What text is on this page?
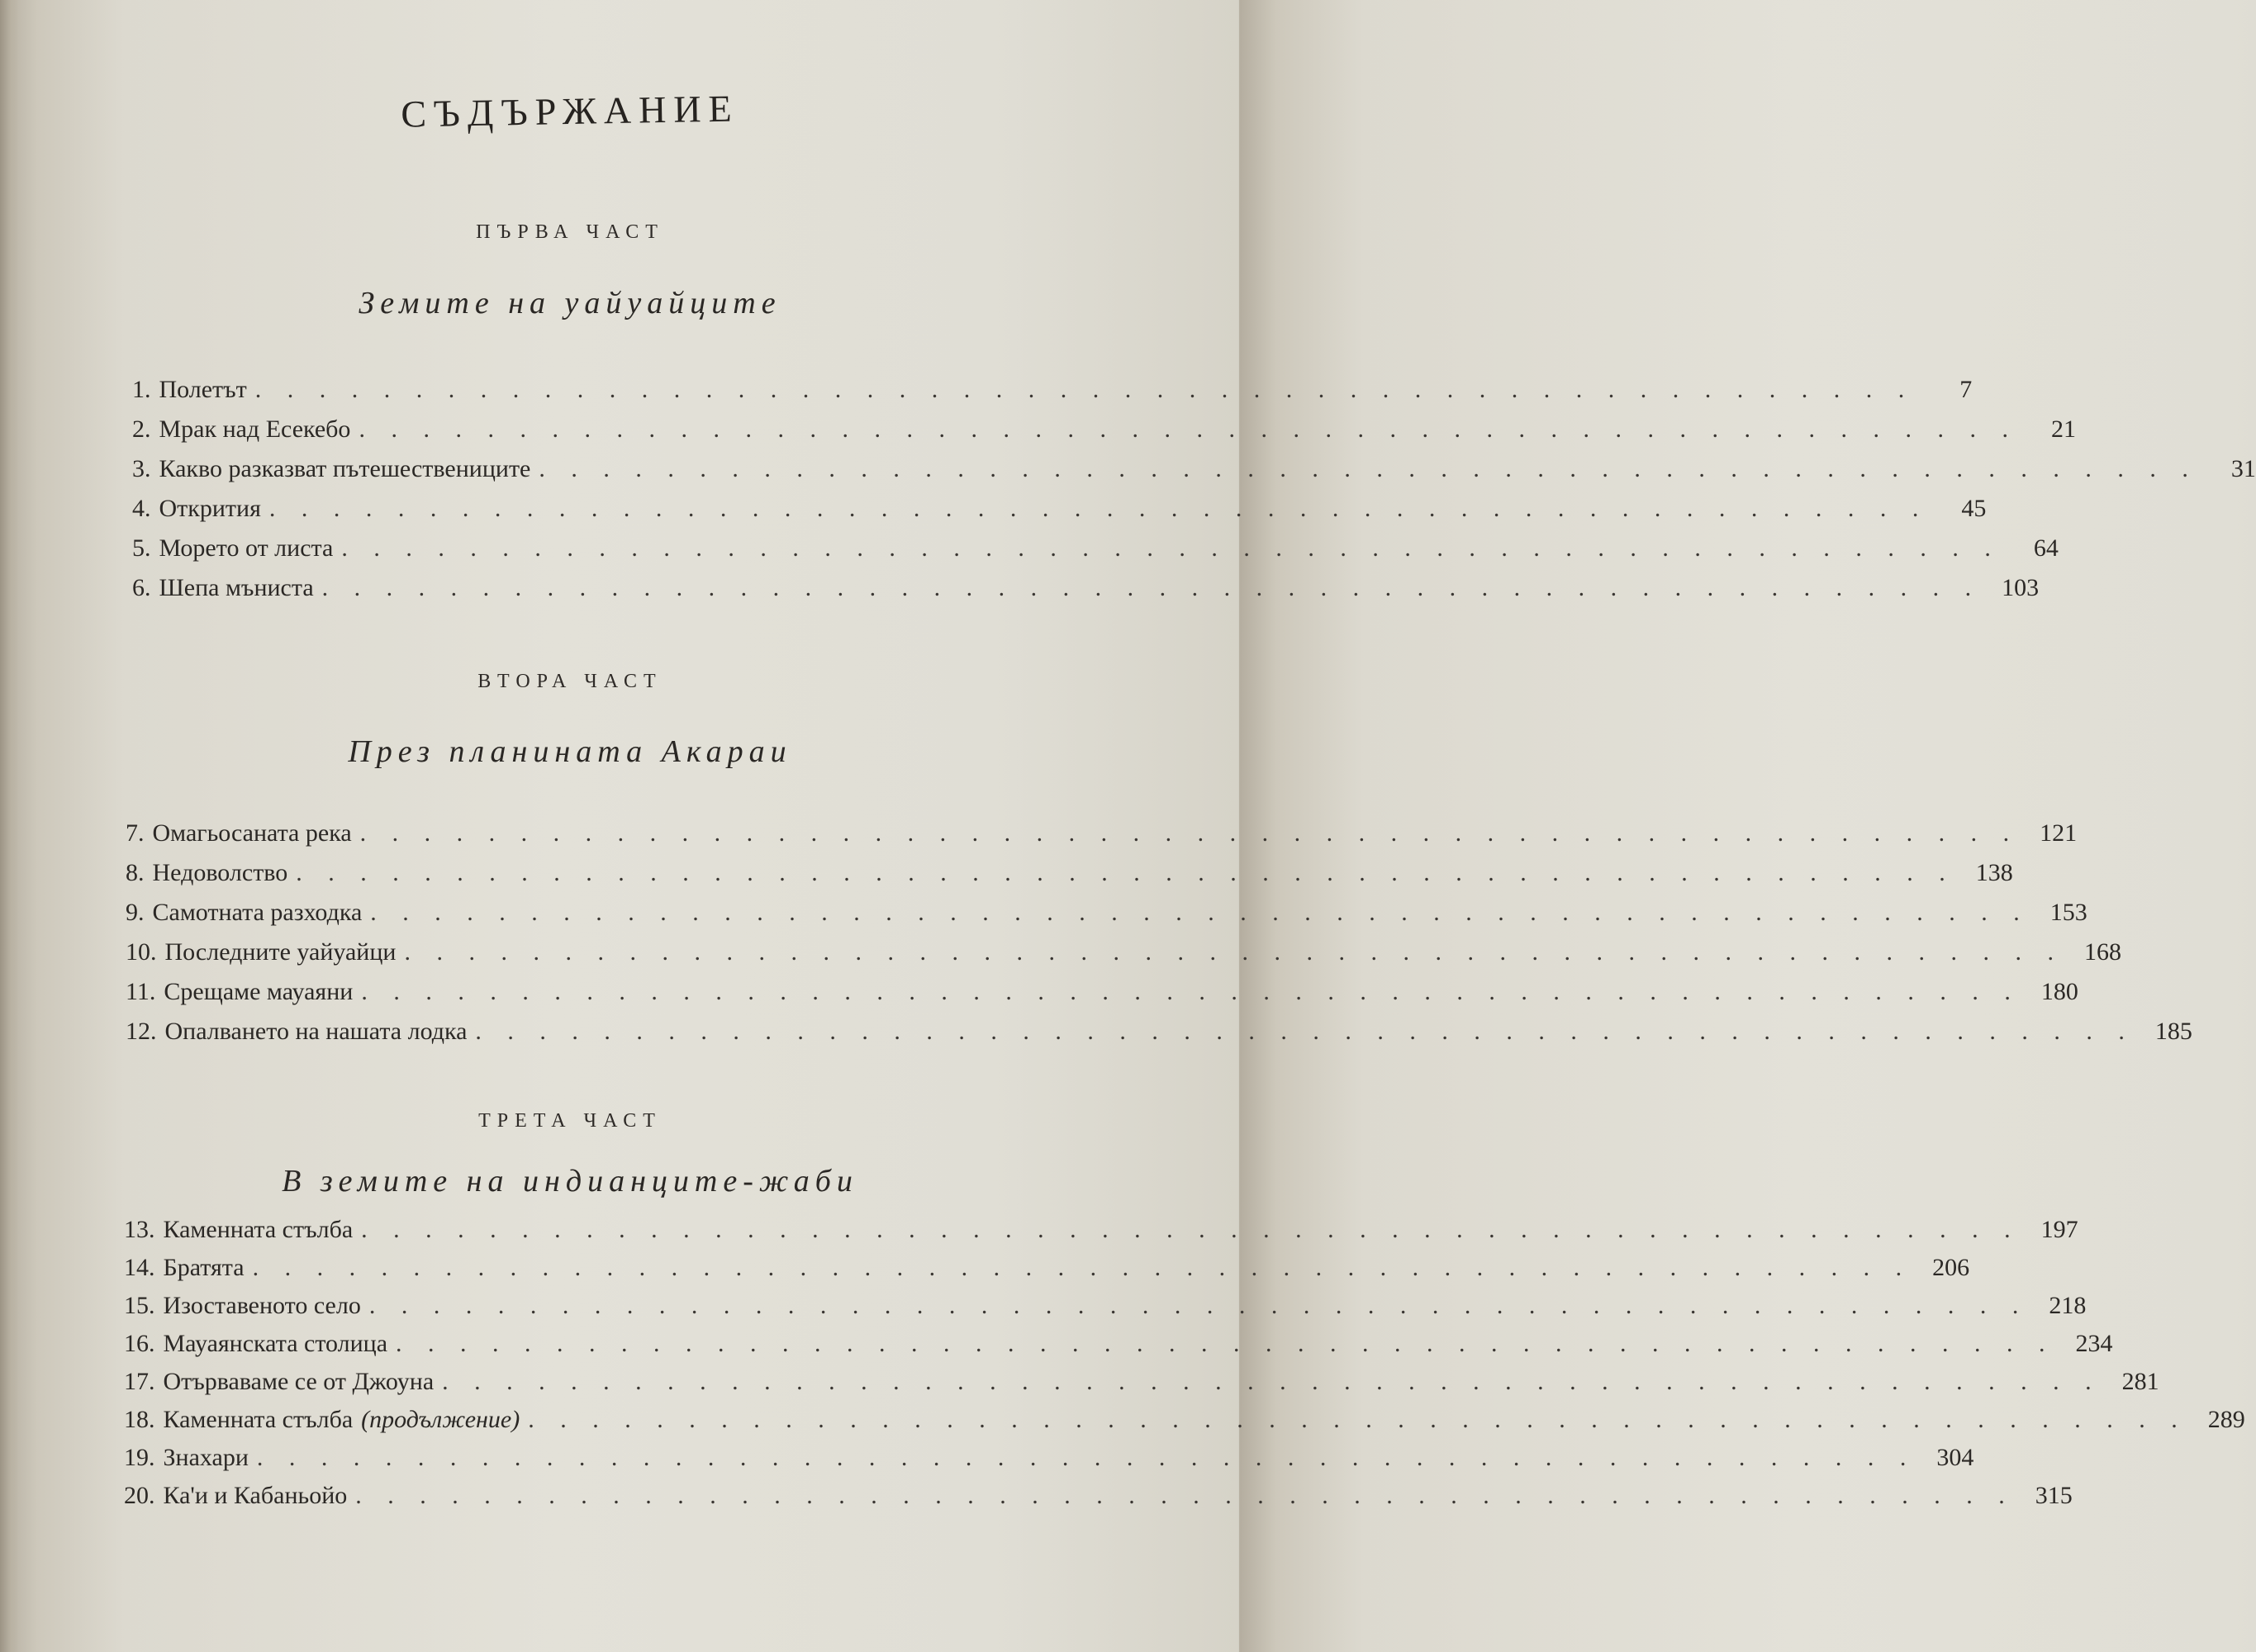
СЪДЪРЖАНИЕ
ПЪРВА ЧАСТ
Земите на уайуайците
1. Полетът . . . . . . . . . . . . . . . . . . . . . . . . . . . . . . . . . . . . . . . . . . . . . . . . . . . .	7
2. Мрак над Есекебо . . . . . . . . . . . . . . . . . . . . . . . . . . . . . . . . . . . . . . . . . . . . . . . . . . . .	21
3. Какво разказват пътешествениците . . . . . . . . . . . . . . . . . . . . . . . . . . . . . . . . . . . . . . . . . . . . . . . . . . . .	31
4. Открития . . . . . . . . . . . . . . . . . . . . . . . . . . . . . . . . . . . . . . . . . . . . . . . . . . . .	45
5. Морето от листа . . . . . . . . . . . . . . . . . . . . . . . . . . . . . . . . . . . . . . . . . . . . . . . . . . . .	64
6. Шепа мъниста . . . . . . . . . . . . . . . . . . . . . . . . . . . . . . . . . . . . . . . . . . . . . . . . . . . . 103
ВТОРА ЧАСТ
През планината Акараи
7. Омагьосаната река . . . . . . . . . . . . . . . . . . . . . . . . . . . . . . . . . . . . . . . . . . . . . . . . . . . . 121
8. Недоволство . . . . . . . . . . . . . . . . . . . . . . . . . . . . . . . . . . . . . . . . . . . . . . . . . . . . 138
9. Самотната разходка . . . . . . . . . . . . . . . . . . . . . . . . . . . . . . . . . . . . . . . . . . . . . . . . . . . . 153
10. Последните уайуайци . . . . . . . . . . . . . . . . . . . . . . . . . . . . . . . . . . . . . . . . . . . . . . . . . . . . 168
11. Срещаме мауаяни . . . . . . . . . . . . . . . . . . . . . . . . . . . . . . . . . . . . . . . . . . . . . . . . . . . . 180
12. Опалването на нашата лодка . . . . . . . . . . . . . . . . . . . . . . . . . . . . . . . . . . . . . . . . . . . . . . . . . . . . 185
ТРЕТА ЧАСТ
В земите на индианците-жаби
13. Каменната стълба . . . . . . . . . . . . . . . . . . . . . . . . . . . . . . . . . . . . . . . . . . . . . . . . . . . . 197
14. Братята . . . . . . . . . . . . . . . . . . . . . . . . . . . . . . . . . . . . . . . . . . . . . . . . . . . . 206
15. Изоставеното село . . . . . . . . . . . . . . . . . . . . . . . . . . . . . . . . . . . . . . . . . . . . . . . . . . . . 218
16. Мауаянската столица . . . . . . . . . . . . . . . . . . . . . . . . . . . . . . . . . . . . . . . . . . . . . . . . . . . . 234
17. Отърваваме се от Джоуна . . . . . . . . . . . . . . . . . . . . . . . . . . . . . . . . . . . . . . . . . . . . . . . . . . . . 281
18. Каменната стълба (продължение) . . . . . . . . . . . . . . . . . . . . . . . . . . . . . . . . . . . . . . . . . . . . . . . . . . . . 289
19. Знахари . . . . . . . . . . . . . . . . . . . . . . . . . . . . . . . . . . . . . . . . . . . . . . . . . . . . 304
20. Ка'и и Кабаньойо . . . . . . . . . . . . . . . . . . . . . . . . . . . . . . . . . . . . . . . . . . . . . . . . . . . . 315
